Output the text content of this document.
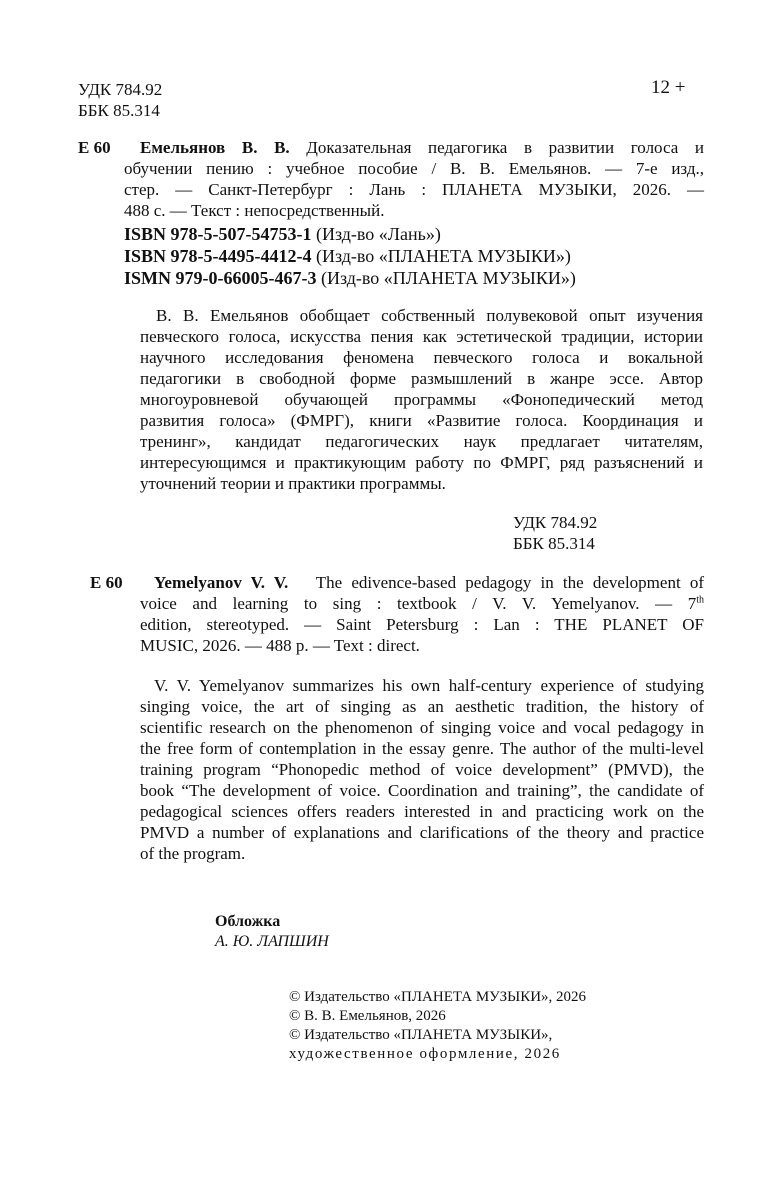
УДК 784.92
ББК 85.314
12 +
Е 60	Емельянов В. В. Доказательная педагогика в развитии голоса и
обучении пению : учебное пособие / В. В. Емельянов. — 7-е изд.,
стер. — Санкт-Петербург : Лань : ПЛАНЕТА МУЗЫКИ, 2026. —
488 с. — Текст : непосредственный.
ISBN 978-5-507-54753-1 (Изд-во «Лань»)
ISBN 978-5-4495-4412-4 (Изд-во «ПЛАНЕТА МУЗЫКИ»)
ISMN 979-0-66005-467-3 (Изд-во «ПЛАНЕТА МУЗЫКИ»)
В. В. Емельянов обобщает собственный полувековой опыт изучения
певческого голоса, искусства пения как эстетической традиции, истории
научного исследования феномена певческого голоса и вокальной
педагогики в свободной форме размышлений в жанре эссе. Автор
многоуровневой обучающей программы «Фонопедический метод
развития голоса» (ФМРГ), книги «Развитие голоса. Координация и
тренинг», кандидат педагогических наук предлагает читателям,
интересующимся и практикующим работу по ФМРГ, ряд разъяснений и
уточнений теории и практики программы.
УДК 784.92
ББК 85.314
E 60	Yemelyanov V. V. The edivence-based pedagogy in the development of
voice and learning to sing : textbook / V. V. Yemelyanov. — 7th
edition, stereotyped. — Saint Petersburg : Lan : THE PLANET OF
MUSIC, 2026. — 488 p. — Text : direct.
V. V. Yemelyanov summarizes his own half-century experience of studying
singing voice, the art of singing as an aesthetic tradition, the history of
scientific research on the phenomenon of singing voice and vocal pedagogy in
the free form of contemplation in the essay genre. The author of the multi-level
training program “Phonopedic method of voice development” (PMVD), the
book “The development of voice. Coordination and training”, the candidate of
pedagogical sciences offers readers interested in and practicing work on the
PMVD a number of explanations and clarifications of the theory and practice
of the program.
Обложка
А. Ю. ЛАПШИН
© Издательство «ПЛАНЕТА МУЗЫКИ», 2026
© В. В. Емельянов, 2026
© Издательство «ПЛАНЕТА МУЗЫКИ»,
художественное оформление, 2026
